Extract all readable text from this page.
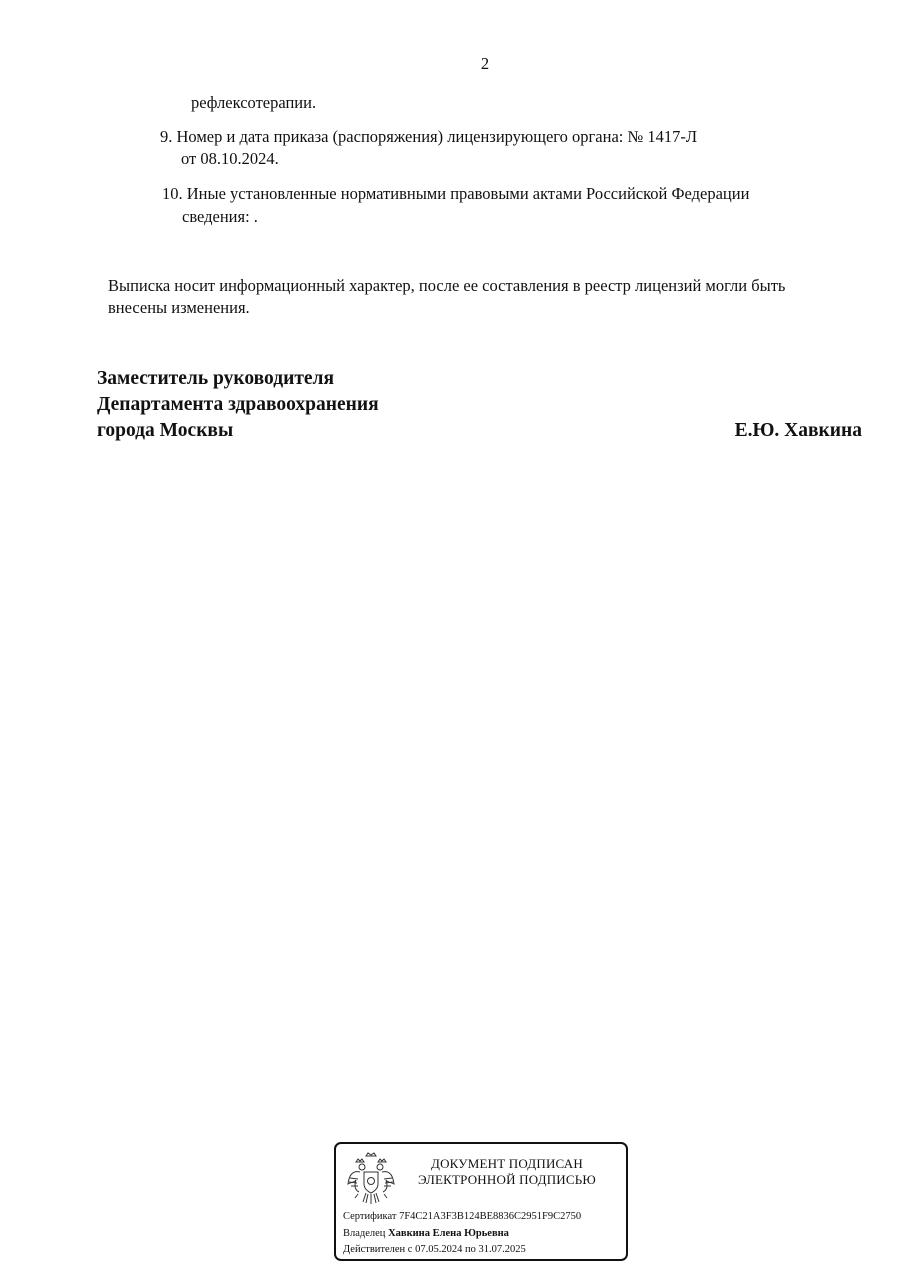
2
рефлексотерапии.
9. Номер и дата приказа (распоряжения) лицензирующего органа: № 1417-Л
от 08.10.2024.
10. Иные установленные нормативными правовыми актами Российской Федерации
сведения: .
Выписка носит информационный характер, после ее составления в реестр лицензий могли быть
внесены изменения.
Заместитель руководителя
Департамента здравоохранения
города Москвы	Е.Ю. Хавкина
ДОКУМЕНТ ПОДПИСАН
ЭЛЕКТРОННОЙ ПОДПИСЬЮ
Сертификат 7F4C21A3F3B124BE8836C2951F9C2750
Владелец Хавкина Елена Юрьевна
Действителен с 07.05.2024 по 31.07.2025
